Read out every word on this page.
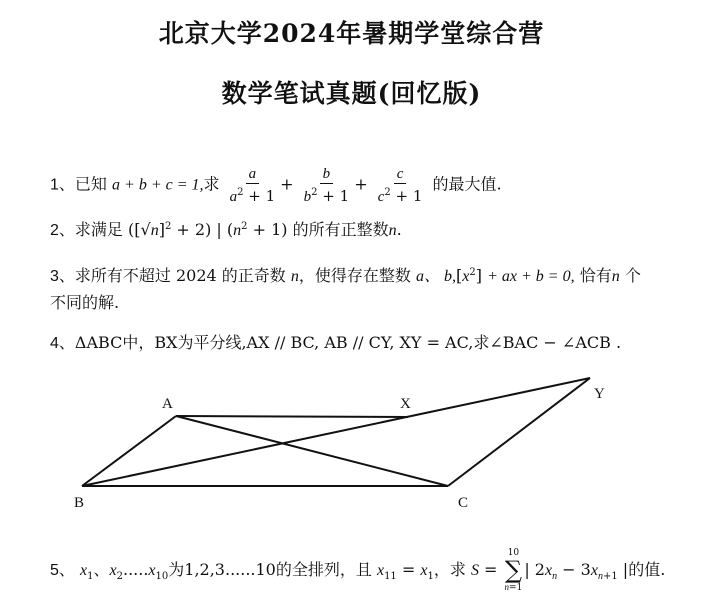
北京大学2024年暑期学堂综合营
数学笔试真题(回忆版)
1、已知 a + b + c = 1,求 $\frac{a}{a^2 + 1} + \frac{b}{b^2 + 1} + \frac{c}{c^2 + 1}$ 的最大值.
2、求满足 $([√n]^2 + 2)$ | $(n^2 + 1)$ 的所有正整数n.
3、求所有不超过 2024 的正奇数 n，使得存在整数 a、 $b,[x^2]$ + ax + b = 0, 恰有n 个
不同的解.
4、ΔABC中，BX为平分线,AX // BC, AB // CY, XY = AC,求∠BAC − ∠ACB .
A	X
Y
B	C
5、 $x_1$、$x_2.....x_{10}$为1,2,3......10的全排列，且 $x_{11} = x_1$，求 S =
10
∑
n=1
| $2x_n - 3x_{n+1}$ |的值.
